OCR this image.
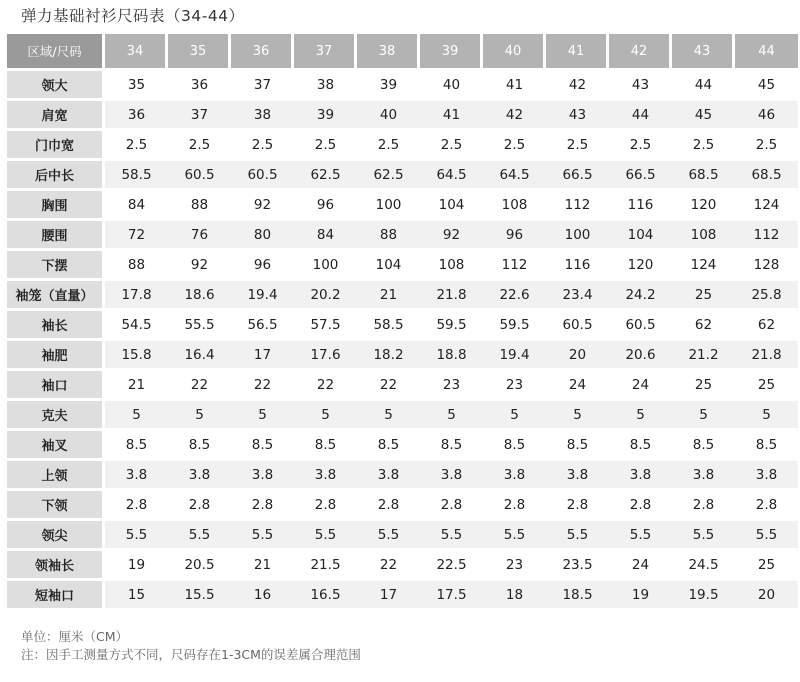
弹力基础衬衫尺码表（34-44）
区域/尺码	34	35	36	37	38	39	40	41	42	43	44
领大	35	36	37	38	39	40	41	42	43	44	45
肩宽	36	37	38	39	40	41	42	43	44	45	46
门巾宽	2.5	2.5	2.5	2.5	2.5	2.5	2.5	2.5	2.5	2.5	2.5
后中长	58.5	60.5	60.5	62.5	62.5	64.5	64.5	66.5	66.5	68.5	68.5
胸围	84	88	92	96	100	104	108	112	116	120	124
腰围	72	76	80	84	88	92	96	100	104	108	112
下摆	88	92	96	100	104	108	112	116	120	124	128
袖笼（直量）	17.8	18.6	19.4	20.2	21	21.8	22.6	23.4	24.2	25	25.8
袖长	54.5	55.5	56.5	57.5	58.5	59.5	59.5	60.5	60.5	62	62
袖肥	15.8	16.4	17	17.6	18.2	18.8	19.4	20	20.6	21.2	21.8
袖口	21	22	22	22	22	23	23	24	24	25	25
克夫	5	5	5	5	5	5	5	5	5	5	5
袖叉	8.5	8.5	8.5	8.5	8.5	8.5	8.5	8.5	8.5	8.5	8.5
上领	3.8	3.8	3.8	3.8	3.8	3.8	3.8	3.8	3.8	3.8	3.8
下领	2.8	2.8	2.8	2.8	2.8	2.8	2.8	2.8	2.8	2.8	2.8
领尖	5.5	5.5	5.5	5.5	5.5	5.5	5.5	5.5	5.5	5.5	5.5
领袖长	19	20.5	21	21.5	22	22.5	23	23.5	24	24.5	25
短袖口	15	15.5	16	16.5	17	17.5	18	18.5	19	19.5	20
单位：厘米（CM）
注：因手工测量方式不同，尺码存在1-3CM的误差属合理范围
